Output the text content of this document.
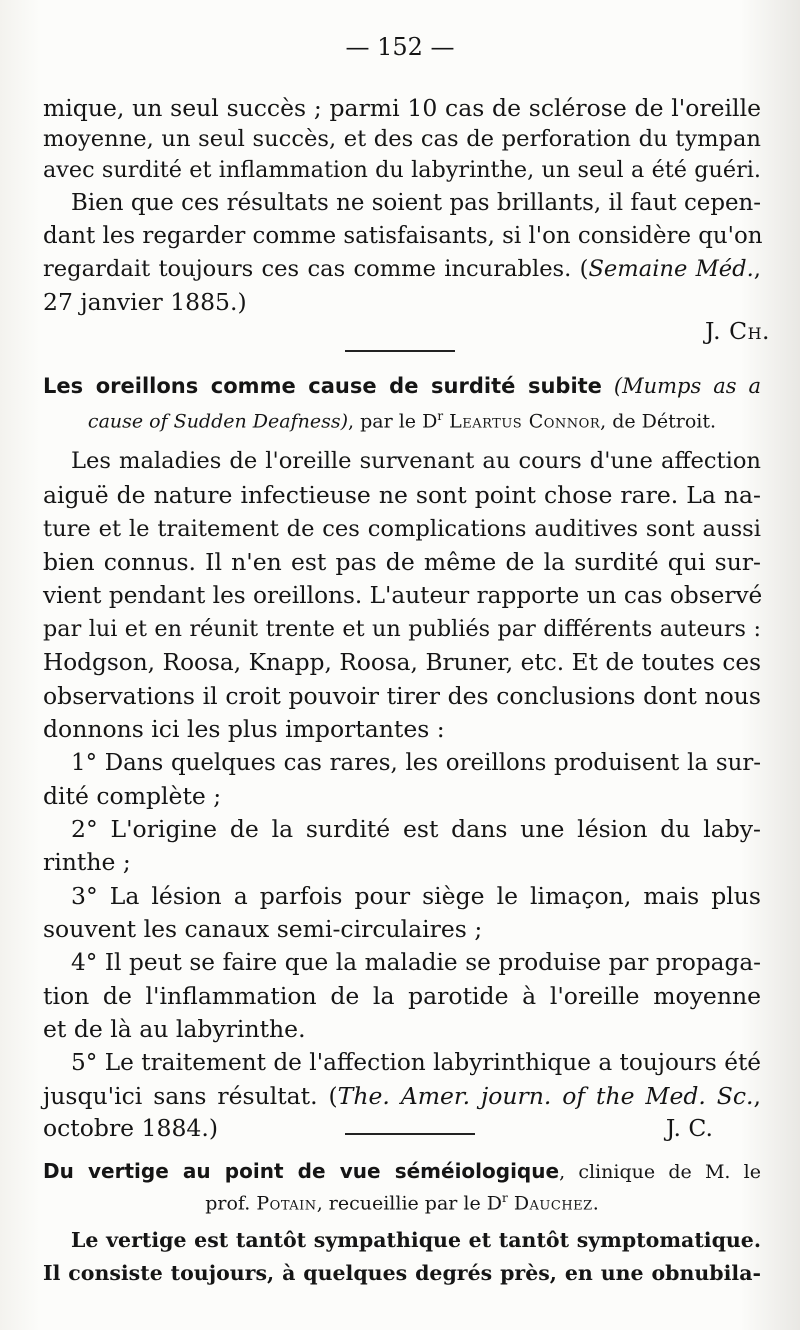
— 152 —

mique, un seul succès ; parmi 10 cas de sclérose de l'oreille

moyenne, un seul succès, et des cas de perforation du tympan

avec surdité et inflammation du labyrinthe, un seul a été guéri.

Bien que ces résultats ne soient pas brillants, il faut cepen-

dant les regarder comme satisfaisants, si l'on considère qu'on

regardait toujours ces cas comme incurables. (Semaine Méd.,

27 janvier 1885.)

J. Ch.

Les oreillons comme cause de surdité subite (Mumps as a
cause of Sudden Deafness), par le $D^r$ Leartus Connor, de Détroit.

Les maladies de l'oreille survenant au cours d'une affection

aiguë de nature infectieuse ne sont point chose rare. La na-

ture et le traitement de ces complications auditives sont aussi

bien connus. Il n'en est pas de même de la surdité qui sur-

vient pendant les oreillons. L'auteur rapporte un cas observé

par lui et en réunit trente et un publiés par différents auteurs :

Hodgson, Roosa, Knapp, Roosa, Bruner, etc. Et de toutes ces

observations il croit pouvoir tirer des conclusions dont nous

donnons ici les plus importantes :

1° Dans quelques cas rares, les oreillons produisent la sur-

dité complète ;

2° L'origine de la surdité est dans une lésion du laby-

rinthe ;

3° La lésion a parfois pour siège le limaçon, mais plus

souvent les canaux semi-circulaires ;

4° Il peut se faire que la maladie se produise par propaga-

tion de l'inflammation de la parotide à l'oreille moyenne

et de là au labyrinthe.

5° Le traitement de l'affection labyrinthique a toujours été

jusqu'ici sans résultat. (The. Amer. journ. of the Med. Sc.,

octobre 1884.)	J. C.

Du vertige au point de vue séméiologique, clinique de M. le
prof. Potain, recueillie par le $D^r$ Dauchez.

Le vertige est tantôt sympathique et tantôt symptomatique.

Il consiste toujours, à quelques degrés près, en une obnubila-
